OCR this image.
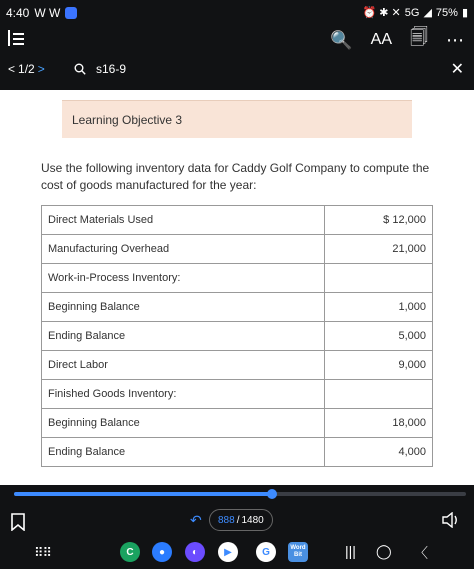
4:40 W W	⏰ ✱ ✕ 5G ◢ 75% ▮
🔍 AA 🗐 ⋯
< 1/2 >	s16-9	✕
Learning Objective 3

Use the following inventory data for Caddy Golf Company to compute the cost of goods manufactured for the year:

Direct Materials Used	$ 12,000
Manufacturing Overhead	21,000
Work-in-Process Inventory:	
Beginning Balance	1,000
Ending Balance	5,000
Direct Labor	9,000
Finished Goods Inventory:	
Beginning Balance	18,000
Ending Balance	4,000
↶ 888 / 1480
⠿⠿	C	●	◐	▶	G	Word Bit	||| ◯ 〈
